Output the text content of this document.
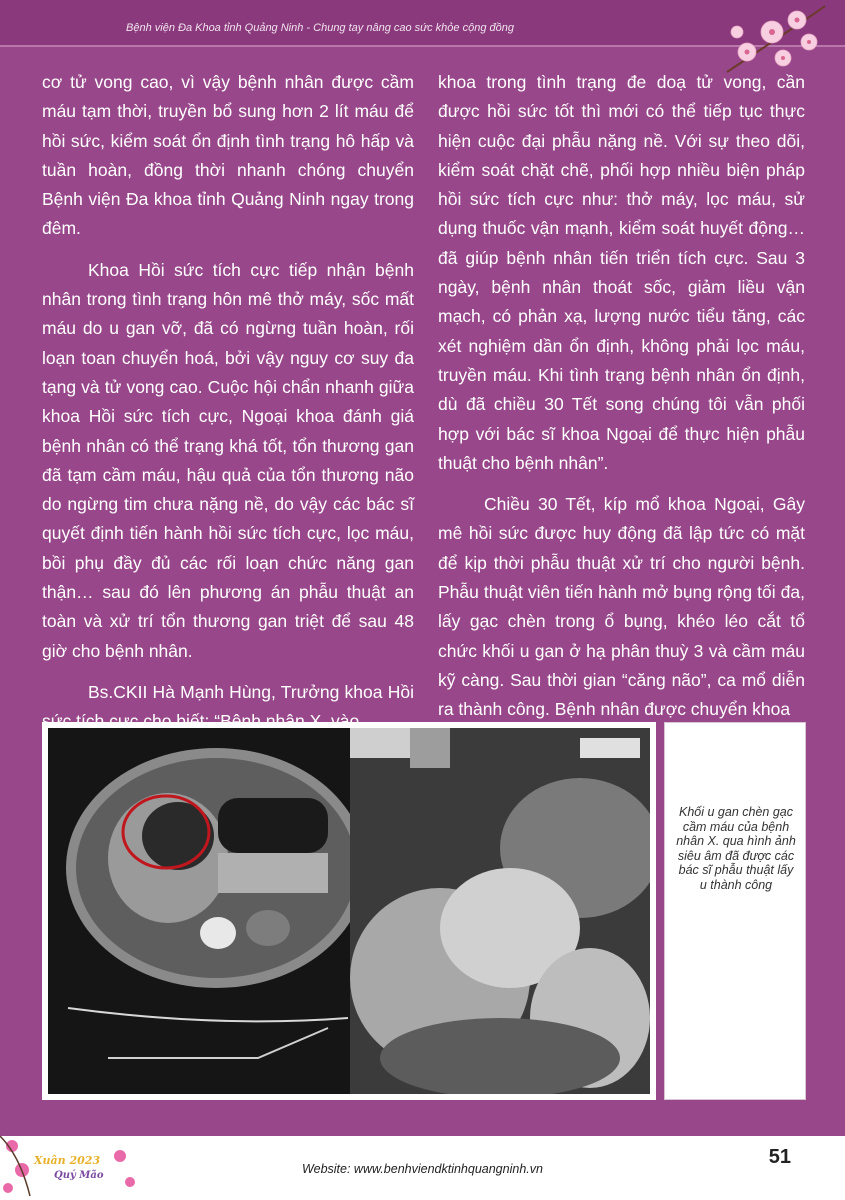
Bệnh viện Đa Khoa tỉnh Quảng Ninh - Chung tay nâng cao sức khỏe cộng đồng

cơ tử vong cao, vì vậy bệnh nhân được cầm máu tạm thời, truyền bổ sung hơn 2 lít máu để hồi sức, kiểm soát ổn định tình trạng hô hấp và tuần hoàn, đồng thời nhanh chóng chuyển Bệnh viện Đa khoa tỉnh Quảng Ninh ngay trong đêm.

Khoa Hồi sức tích cực tiếp nhận bệnh nhân trong tình trạng hôn mê thở máy, sốc mất máu do u gan vỡ, đã có ngừng tuần hoàn, rối loạn toan chuyển hoá, bởi vậy nguy cơ suy đa tạng và tử vong cao. Cuộc hội chẩn nhanh giữa khoa Hồi sức tích cực, Ngoại khoa đánh giá bệnh nhân có thể trạng khá tốt, tổn thương gan đã tạm cầm máu, hậu quả của tổn thương não do ngừng tim chưa nặng nề, do vậy các bác sĩ quyết định tiến hành hồi sức tích cực, lọc máu, bồi phụ đầy đủ các rối loạn chức năng gan thận… sau đó lên phương án phẫu thuật an toàn và xử trí tổn thương gan triệt để sau 48 giờ cho bệnh nhân.

Bs.CKII Hà Mạnh Hùng, Trưởng khoa Hồi

khoa trong tình trạng đe doạ tử vong, cần được hồi sức tốt thì mới có thể tiếp tục thực hiện cuộc đại phẫu nặng nề. Với sự theo dõi, kiểm soát chặt chẽ, phối hợp nhiều biện pháp hồi sức tích cực như: thở máy, lọc máu, sử dụng thuốc vận mạnh, kiểm soát huyết động… đã giúp bệnh nhân tiến triển tích cực. Sau 3 ngày, bệnh nhân thoát sốc, giảm liều vận mạch, có phản xạ, lượng nước tiểu tăng, các xét nghiệm dần ổn định, không phải lọc máu, truyền máu. Khi tình trạng bệnh nhân ổn định, dù đã chiều 30 Tết song chúng tôi vẫn phối hợp với bác sĩ khoa Ngoại để thực hiện phẫu thuật cho bệnh nhân”.

Chiều 30 Tết, kíp mổ khoa Ngoại, Gây mê hồi sức được huy động đã lập tức có mặt để kịp thời phẫu thuật xử trí cho người bệnh. Phẫu thuật viên tiến hành mở bụng rộng tối đa, lấy gạc chèn trong ổ bụng, khéo léo cắt tổ chức khối u gan ở hạ phân thuỳ 3 và cầm máu kỹ càng. Sau thời gian “căng não”, ca mổ diễn ra thành công. Bệnh nhân được chuyển khoa

Khối u gan chèn gạc cầm máu của bệnh nhân X. qua hình ảnh siêu âm đã được các bác sĩ phẫu thuật lấy u thành công
Website: www.benhviendktinhquangninh.vn
51
Xuân 2023
Quý Mão
